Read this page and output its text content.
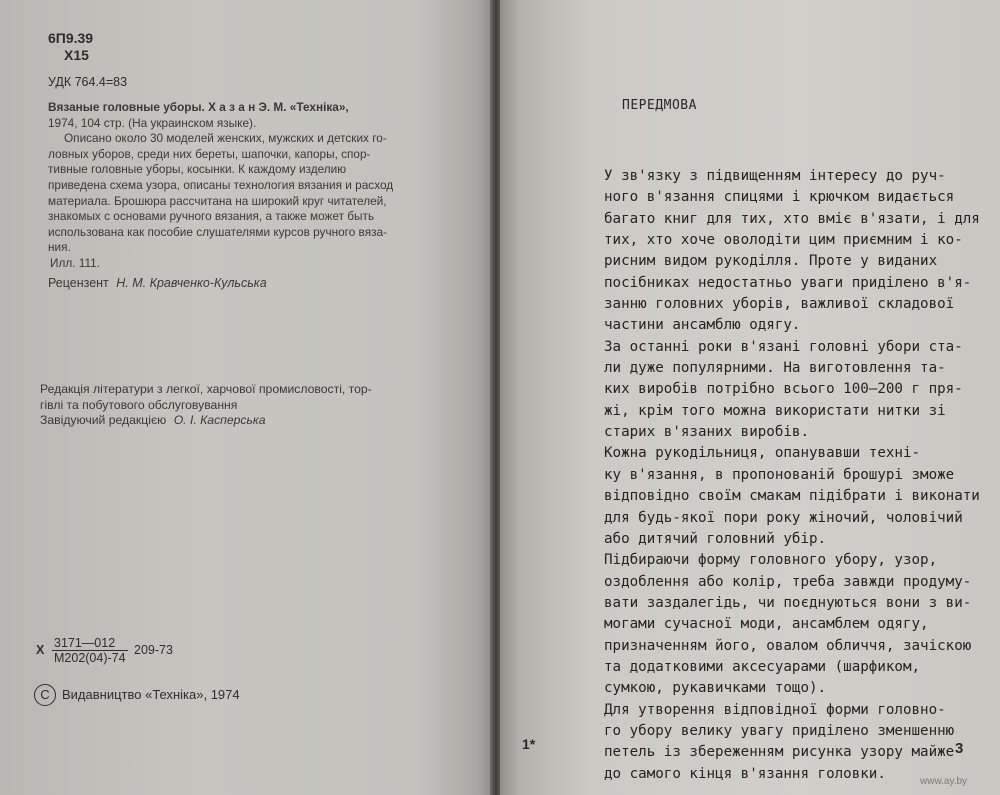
6П9.39
Х15
УДК 764.4=83
Вязаные головные уборы. Х а з а н Э. М. «Техніка»,
1974, 104 стр. (На украинском языке).
Описано около 30 моделей женских, мужских и детских го-
ловных уборов, среди них береты, шапочки, капоры, спор-
тивные головные уборы, косынки. К каждому изделию
приведена схема узора, описаны технология вязания и расход
материала. Брошюра рассчитана на широкий круг читателей,
знакомых с основами ручного вязания, а также может быть
использована как пособие слушателями курсов ручного вяза-
ния.
Илл. 111.
Рецензент Н. М. Кравченко-Кульська
Редакція літератури з легкої, харчової промисловості, тор-
гівлі та побутового обслуговування
Завідуючий редакцією О. І. Касперська
Х 3171—012
М202(04)-74
209-73
C Видавництво «Техніка», 1974
1*
ПЕРЕДМОВА
3
www.ay.by
У зв'язку з підвищенням інтересу до руч-
ного в'язання спицями і крючком видається
багато книг для тих, хто вміє в'язати, і для
тих, хто хоче оволодіти цим приємним і ко-
рисним видом рукоділля. Проте у виданих
посібниках недостатньо уваги приділено в'я-
занню головних уборів, важливої складової
частини ансамблю одягу.
За останні роки в'язані головні убори ста-
ли дуже популярними. На виготовлення та-
ких виробів потрібно всього 100—200 г пря-
жі, крім того можна використати нитки зі
старих в'язаних виробів.
Кожна рукодільниця, опанувавши техні-
ку в'язання, в пропонованій брошурі зможе
відповідно своїм смакам підібрати і виконати
для будь-якої пори року жіночий, чоловічий
або дитячий головний убір.
Підбираючи форму головного убору, узор,
оздоблення або колір, треба завжди продуму-
вати заздалегідь, чи поєднуються вони з ви-
могами сучасної моди, ансамблем одягу,
призначенням його, овалом обличчя, зачіскою
та додатковими аксесуарами (шарфиком,
сумкою, рукавичками тощо).
Для утворення відповідної форми головно-
го убору велику увагу приділено зменшенню
петель із збереженням рисунка узору майже
до самого кінця в'язання головки.
